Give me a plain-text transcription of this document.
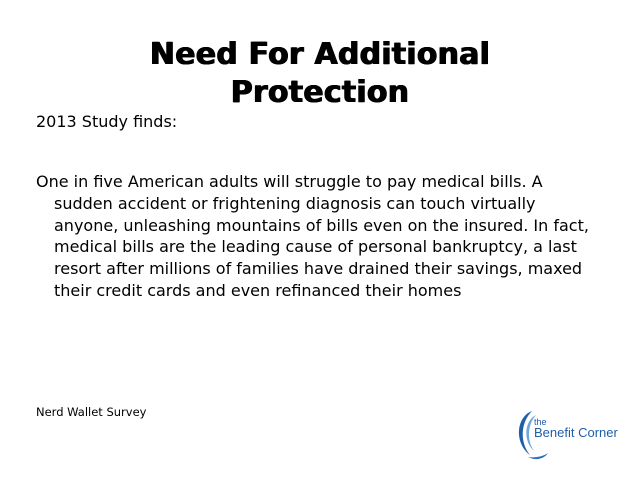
Need For Additional
Protection
2013 Study finds:
One in five American adults will struggle to pay medical bills. A
sudden accident or frightening diagnosis can touch virtually
anyone, unleashing mountains of bills even on the insured. In fact,
medical bills are the leading cause of personal bankruptcy, a last
resort after millions of families have drained their savings, maxed
their credit cards and even refinanced their homes
Nerd Wallet Survey
the
Benefit Corner
